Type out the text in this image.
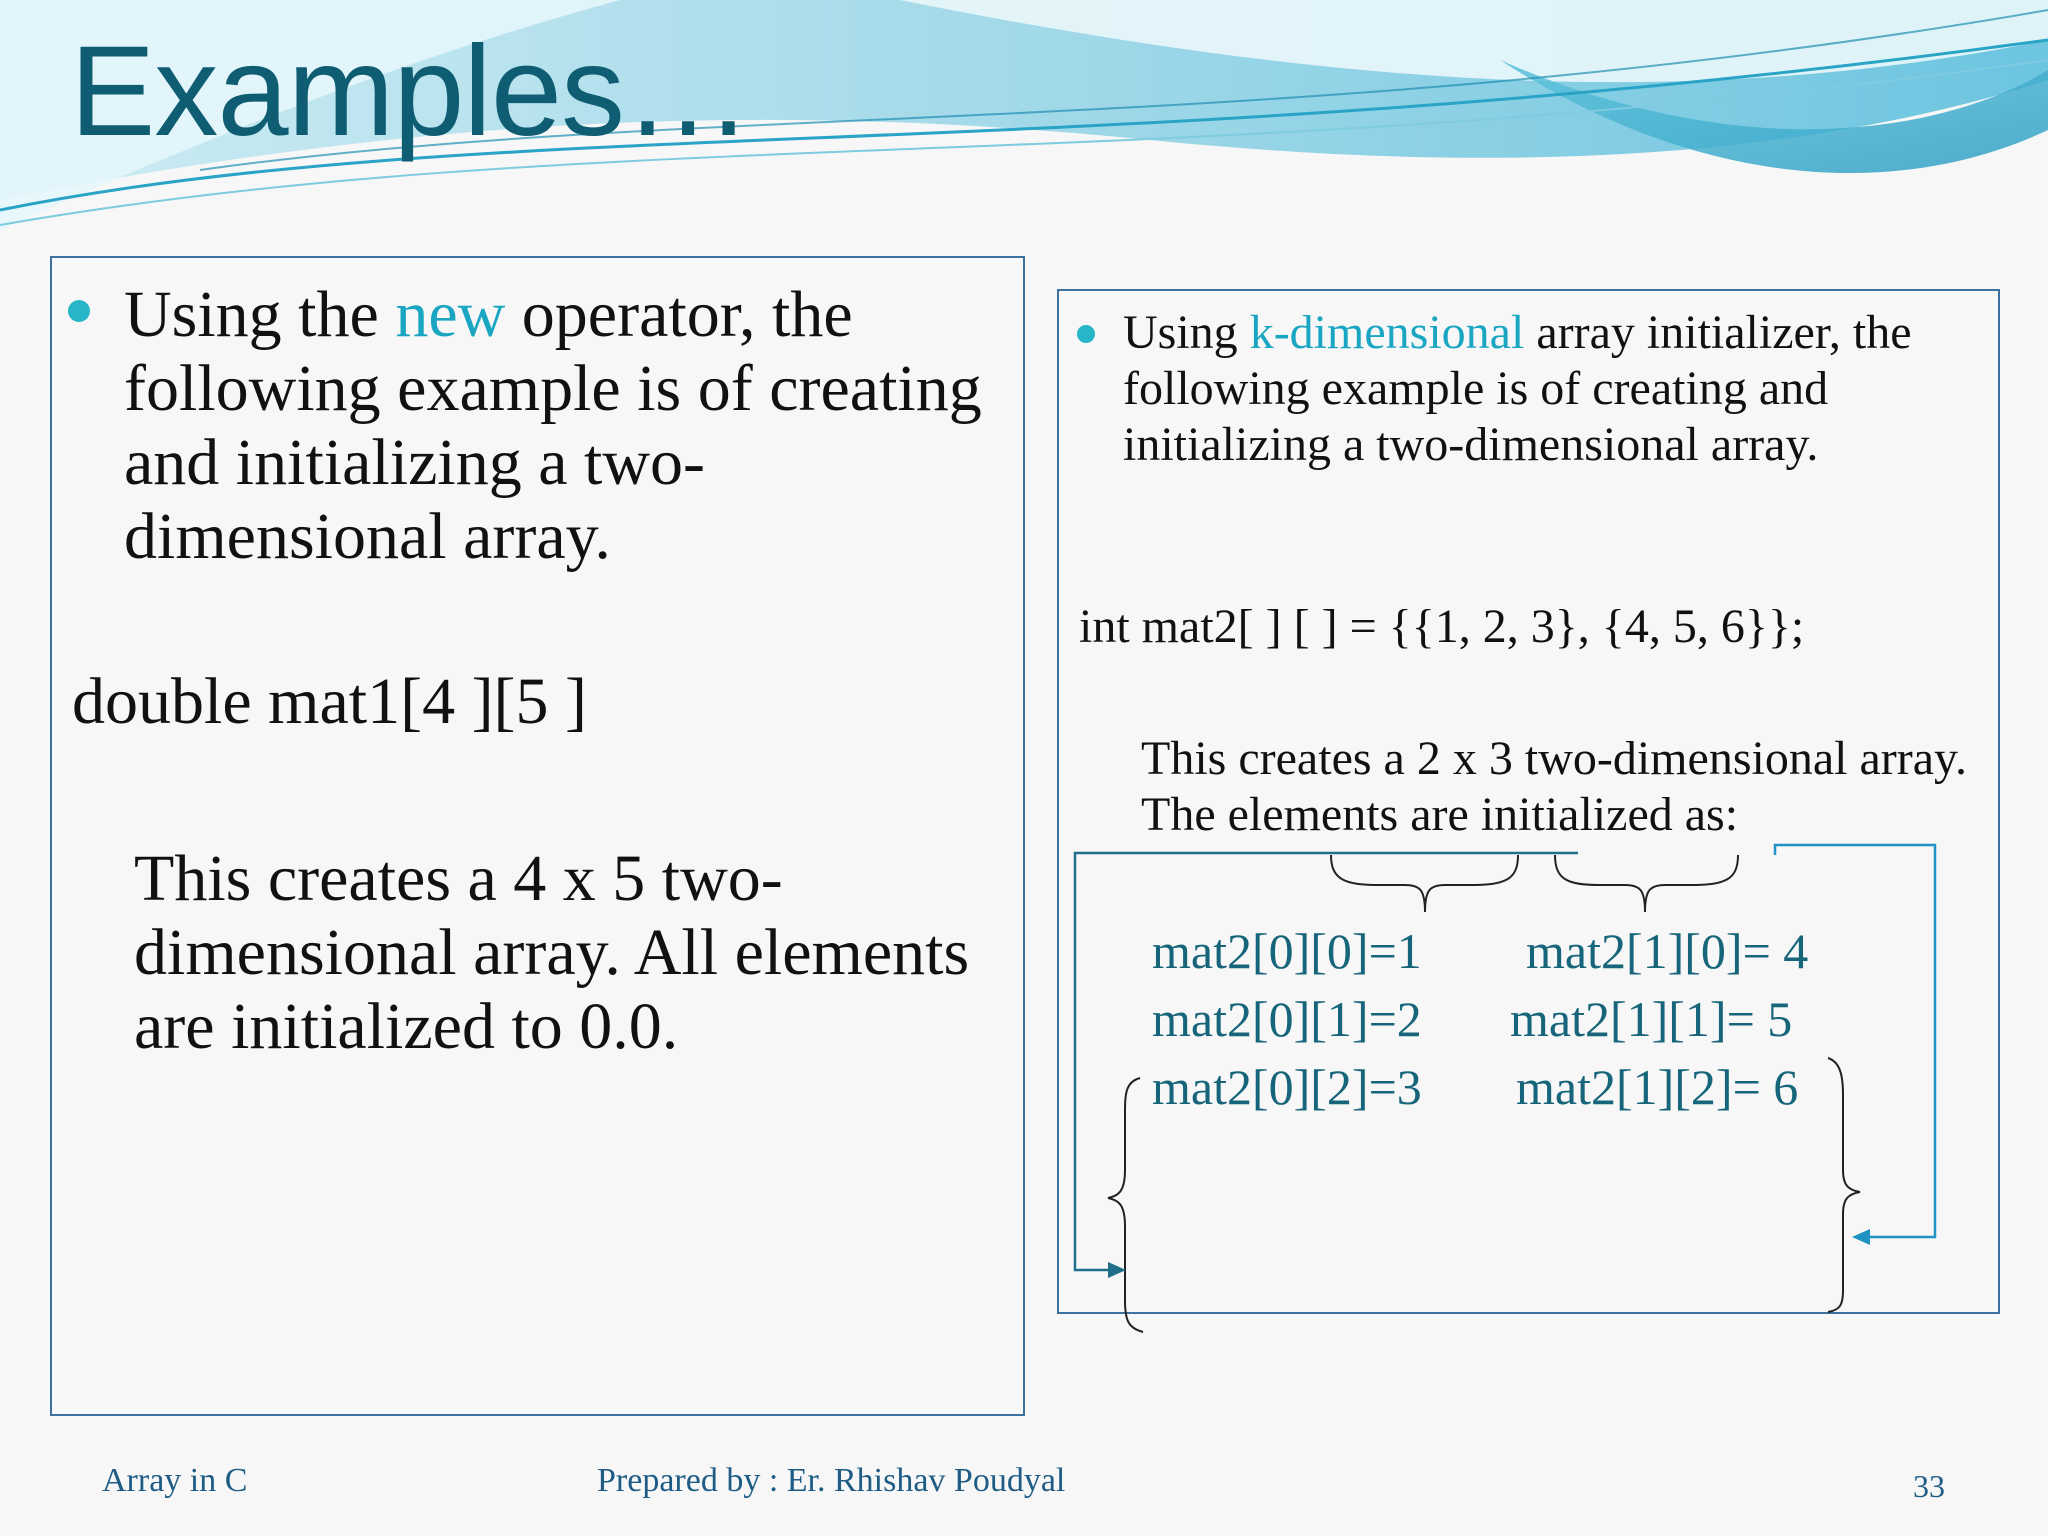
Examples…

Using the new operator, the following example is of creating and initializing a two-dimensional array.

double mat1[4 ][5 ]

This creates a 4 x 5 two-dimensional array. All elements are initialized to 0.0.

Using k-dimensional array initializer, the following example is of creating and initializing a two-dimensional array.

int mat2[ ] [ ] = {{1, 2, 3}, {4, 5, 6}};

This creates a 2 x 3 two-dimensional array. The elements are initialized as:

mat2[0][0]=1
mat2[0][1]=2
mat2[0][2]=3
mat2[1][0]= 4
mat2[1][1]= 5
mat2[1][2]= 6
Array in C	Prepared by : Er. Rhishav Poudyal	33
